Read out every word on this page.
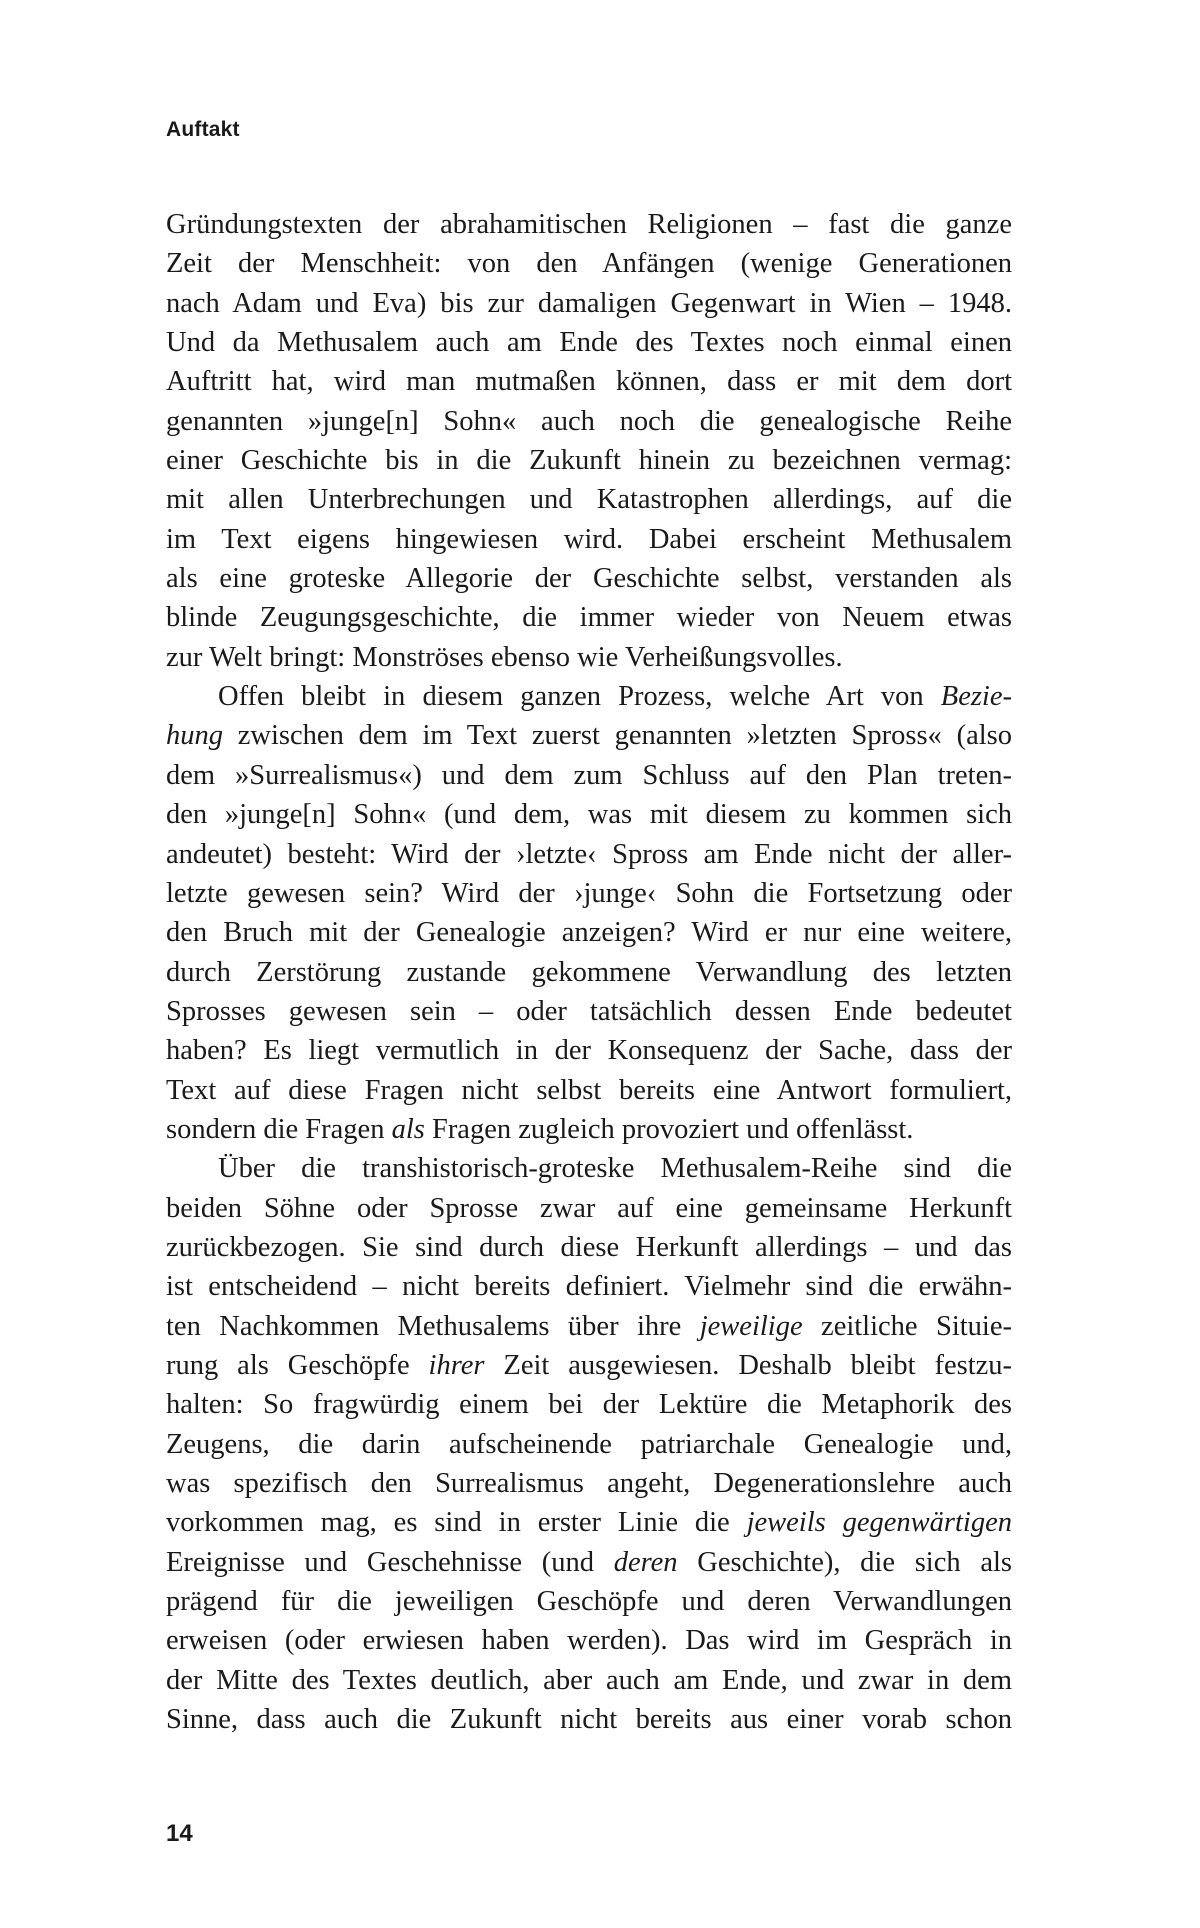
Auftakt
Gründungstexten der abrahamitischen Religionen – fast die ganze
Zeit der Menschheit: von den Anfängen (wenige Generationen
nach Adam und Eva) bis zur damaligen Gegenwart in Wien – 1948.
Und da Methusalem auch am Ende des Textes noch einmal einen
Auftritt hat, wird man mutmaßen können, dass er mit dem dort
genannten »junge[n] Sohn« auch noch die genealogische Reihe
einer Geschichte bis in die Zukunft hinein zu bezeichnen vermag:
mit allen Unterbrechungen und Katastrophen allerdings, auf die
im Text eigens hingewiesen wird. Dabei erscheint Methusalem
als eine groteske Allegorie der Geschichte selbst, verstanden als
blinde Zeugungsgeschichte, die immer wieder von Neuem etwas
zur Welt bringt: Monströses ebenso wie Verheißungsvolles.
Offen bleibt in diesem ganzen Prozess, welche Art von Bezie-
hung zwischen dem im Text zuerst genannten »letzten Spross« (also
dem »Surrealismus«) und dem zum Schluss auf den Plan treten-
den »junge[n] Sohn« (und dem, was mit diesem zu kommen sich
andeutet) besteht: Wird der ›letzte‹ Spross am Ende nicht der aller-
letzte gewesen sein? Wird der ›junge‹ Sohn die Fortsetzung oder
den Bruch mit der Genealogie anzeigen? Wird er nur eine weitere,
durch Zerstörung zustande gekommene Verwandlung des letzten
Sprosses gewesen sein – oder tatsächlich dessen Ende bedeutet
haben? Es liegt vermutlich in der Konsequenz der Sache, dass der
Text auf diese Fragen nicht selbst bereits eine Antwort formuliert,
sondern die Fragen als Fragen zugleich provoziert und offenlässt.
Über die transhistorisch-groteske Methusalem-Reihe sind die
beiden Söhne oder Sprosse zwar auf eine gemeinsame Herkunft
zurückbezogen. Sie sind durch diese Herkunft allerdings – und das
ist entscheidend – nicht bereits definiert. Vielmehr sind die erwähn-
ten Nachkommen Methusalems über ihre jeweilige zeitliche Situie-
rung als Geschöpfe ihrer Zeit ausgewiesen. Deshalb bleibt festzu-
halten: So fragwürdig einem bei der Lektüre die Metaphorik des
Zeugens, die darin aufscheinende patriarchale Genealogie und,
was spezifisch den Surrealismus angeht, Degenerationslehre auch
vorkommen mag, es sind in erster Linie die jeweils gegenwärtigen
Ereignisse und Geschehnisse (und deren Geschichte), die sich als
prägend für die jeweiligen Geschöpfe und deren Verwandlungen
erweisen (oder erwiesen haben werden). Das wird im Gespräch in
der Mitte des Textes deutlich, aber auch am Ende, und zwar in dem
Sinne, dass auch die Zukunft nicht bereits aus einer vorab schon
14
